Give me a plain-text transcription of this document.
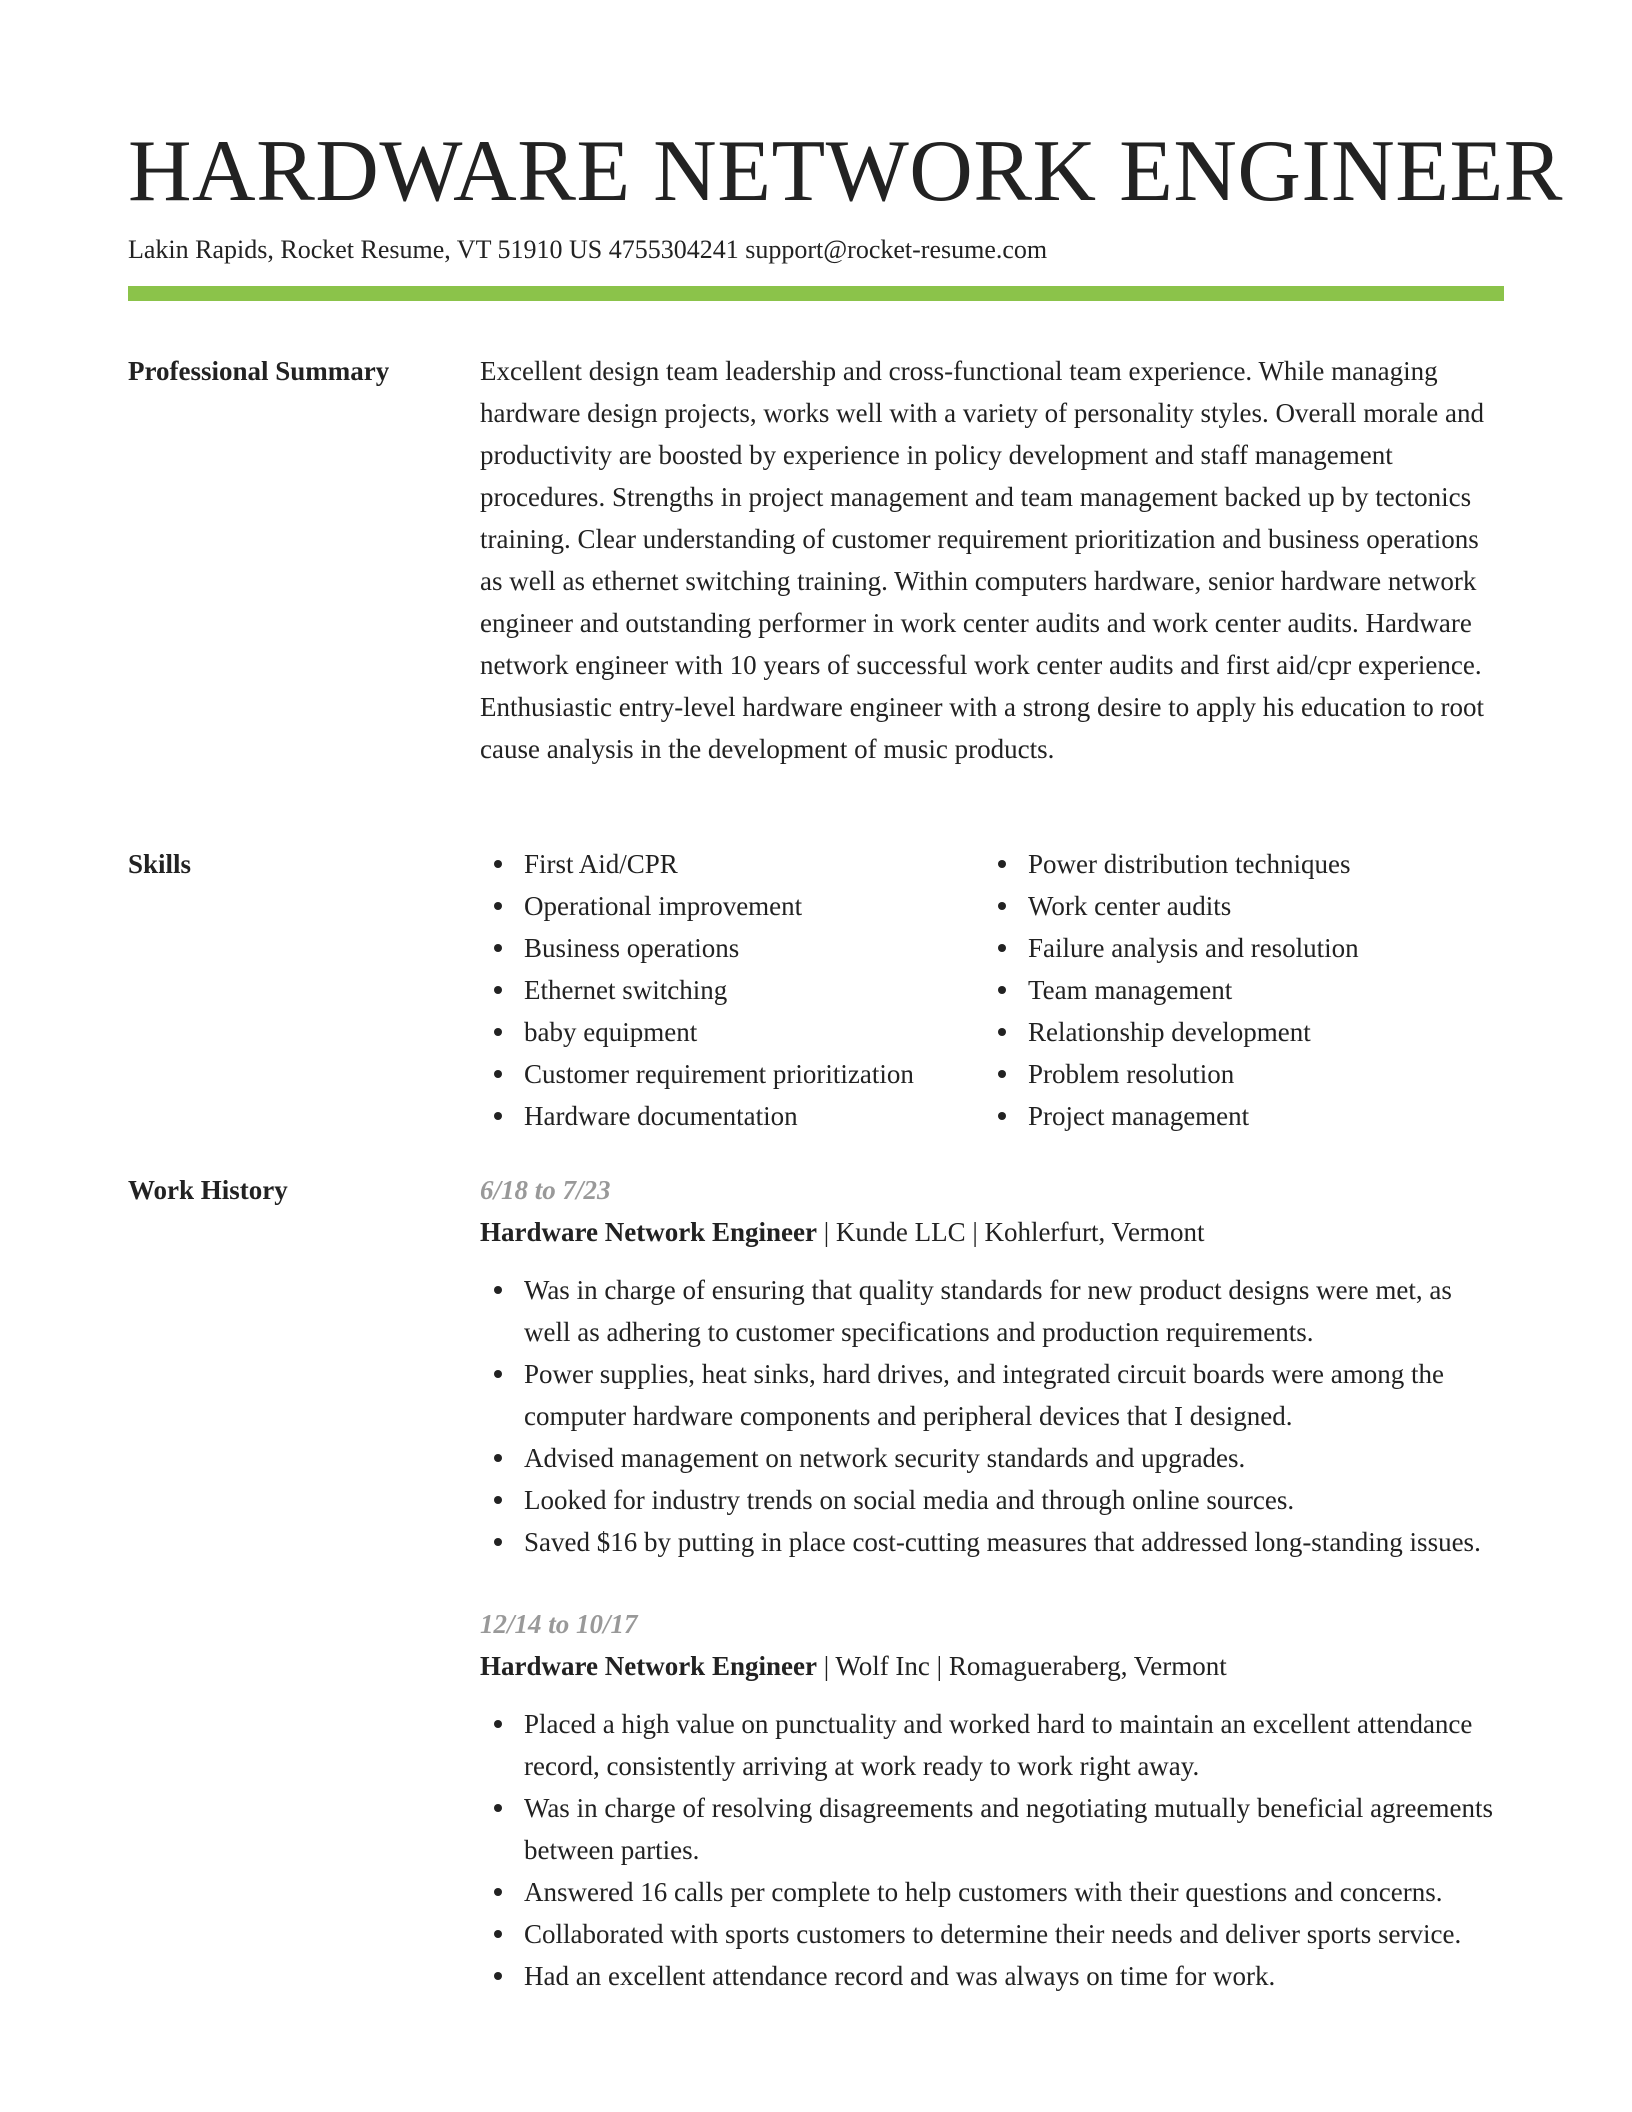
HARDWARE NETWORK ENGINEER
Lakin Rapids, Rocket Resume, VT 51910 US 4755304241 support@rocket-resume.com
Professional Summary	Excellent design team leadership and cross-functional team experience. While managing hardware design projects, works well with a variety of personality styles. Overall morale and productivity are boosted by experience in policy development and staff management procedures. Strengths in project management and team management backed up by tectonics training. Clear understanding of customer requirement prioritization and business operations as well as ethernet switching training. Within computers hardware, senior hardware network engineer and outstanding performer in work center audits and work center audits. Hardware network engineer with 10 years of successful work center audits and first aid/cpr experience. Enthusiastic entry-level hardware engineer with a strong desire to apply his education to root cause analysis in the development of music products.

Skills	First Aid/CPR
Operational improvement
Business operations
Ethernet switching
baby equipment
Customer requirement prioritization
Hardware documentation
Power distribution techniques
Work center audits
Failure analysis and resolution
Team management
Relationship development
Problem resolution
Project management
Work History	6/18 to 7/23
Hardware Network Engineer | Kunde LLC | Kohlerfurt, Vermont
Was in charge of ensuring that quality standards for new product designs were met, as well as adhering to customer specifications and production requirements.
Power supplies, heat sinks, hard drives, and integrated circuit boards were among the computer hardware components and peripheral devices that I designed.
Advised management on network security standards and upgrades.
Looked for industry trends on social media and through online sources.
Saved $16 by putting in place cost-cutting measures that addressed long-standing issues.
12/14 to 10/17
Hardware Network Engineer | Wolf Inc | Romagueraberg, Vermont
Placed a high value on punctuality and worked hard to maintain an excellent attendance record, consistently arriving at work ready to work right away.
Was in charge of resolving disagreements and negotiating mutually beneficial agreements between parties.
Answered 16 calls per complete to help customers with their questions and concerns.
Collaborated with sports customers to determine their needs and deliver sports service.
Had an excellent attendance record and was always on time for work.
